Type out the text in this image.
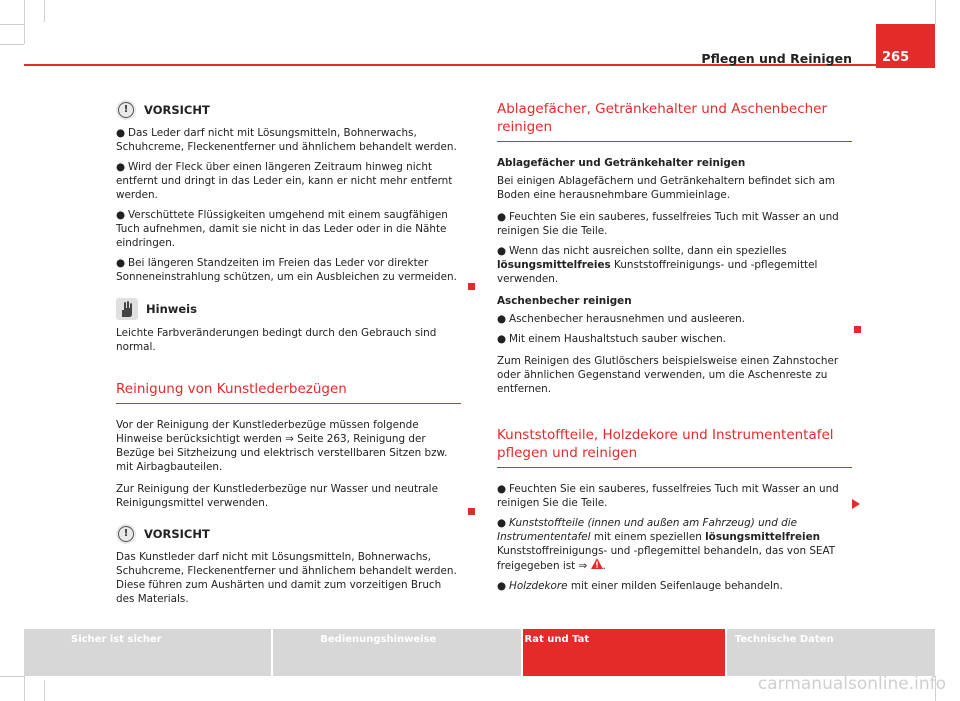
Pflegen und Reinigen	265
!	VORSICHT
● Das Leder darf nicht mit Lösungsmitteln, Bohnerwachs, Schuhcreme, Fleckenentferner und ähnlichem behandelt werden.
● Wird der Fleck über einen längeren Zeitraum hinweg nicht entfernt und dringt in das Leder ein, kann er nicht mehr entfernt werden.
● Verschüttete Flüssigkeiten umgehend mit einem saugfähigen Tuch aufnehmen, damit sie nicht in das Leder oder in die Nähte eindringen.
● Bei längeren Standzeiten im Freien das Leder vor direkter Sonneneinstrahlung schützen, um ein Ausbleichen zu vermeiden.
Hinweis

Leichte Farbveränderungen bedingt durch den Gebrauch sind normal.

Reinigung von Kunstlederbezügen

Vor der Reinigung der Kunstlederbezüge müssen folgende Hinweise berücksichtigt werden ⇒ Seite 263, Reinigung der Bezüge bei Sitzheizung und elektrisch verstellbaren Sitzen bzw. mit Airbagbauteilen.

Zur Reinigung der Kunstlederbezüge nur Wasser und neutrale Reinigungsmittel verwenden.

!	VORSICHT

Das Kunstleder darf nicht mit Lösungsmitteln, Bohnerwachs, Schuhcreme, Fleckenentferner und ähnlichem behandelt werden. Diese führen zum Aushärten und damit zum vorzeitigen Bruch des Materials.

Ablagefächer, Getränkehalter und Aschenbecher reinigen
Ablagefächer und Getränkehalter reinigen

Bei einigen Ablagefächern und Getränkehaltern befindet sich am Boden eine herausnehmbare Gummieinlage.

● Feuchten Sie ein sauberes, fusselfreies Tuch mit Wasser an und reinigen Sie die Teile.
● Wenn das nicht ausreichen sollte, dann ein spezielles lösungsmittelfreies Kunststoffreinigungs- und -pflegemittel verwenden.
Aschenbecher reinigen
● Aschenbecher herausnehmen und ausleeren.
● Mit einem Haushaltstuch sauber wischen.

Zum Reinigen des Glutlöschers beispielsweise einen Zahnstocher oder ähnlichen Gegenstand verwenden, um die Aschenreste zu entfernen.

Kunststoffteile, Holzdekore und Instrumententafel pflegen und reinigen
● Feuchten Sie ein sauberes, fusselfreies Tuch mit Wasser an und reinigen Sie die Teile.
● Kunststoffteile (innen und außen am Fahrzeug) und die Instrumententafel mit einem speziellen lösungsmittelfreien Kunststoffreinigungs- und -pflegemittel behandeln, das von SEAT freigegeben ist ⇒ .
● Holzdekore mit einer milden Seifenlauge behandeln.
Sicher ist sicher	Bedienungshinweise	Rat und Tat	Technische Daten
carmanualsonline.info
